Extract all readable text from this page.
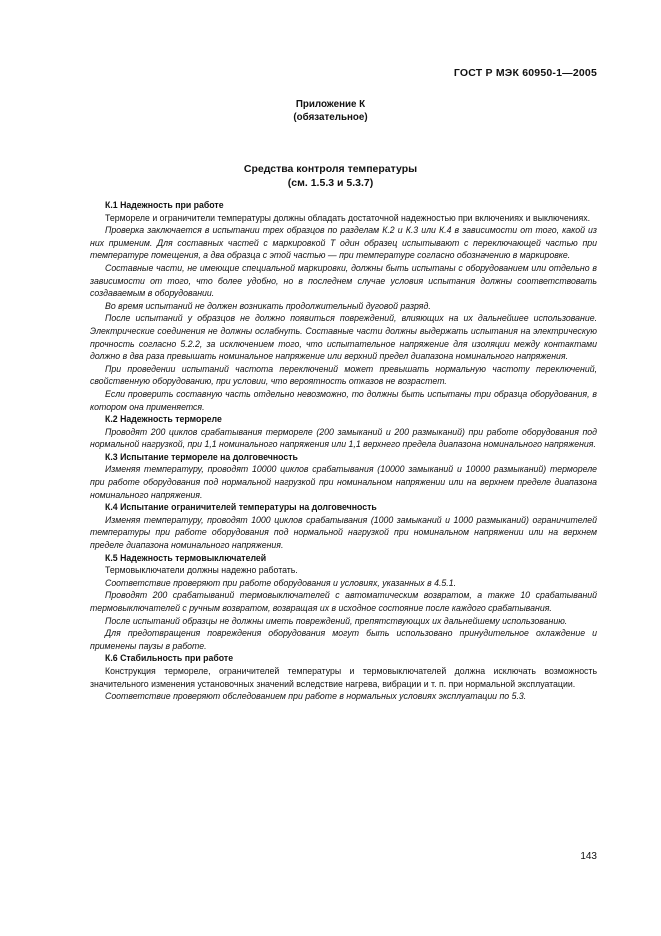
ГОСТ Р МЭК 60950-1—2005
Приложение К
(обязательное)
Средства контроля температуры
(см. 1.5.3 и 5.3.7)

К.1 Надежность при работе

Термореле и ограничители температуры должны обладать достаточной надежностью при включениях и выключениях.

Проверка заключается в испытании трех образцов по разделам К.2 и К.3 или К.4 в зависимости от того, какой из них применим. Для составных частей с маркировкой Т один образец испытывают с переключающей частью при температуре помещения, а два образца с этой частью — при температуре согласно обозначению в маркировке.

Составные части, не имеющие специальной маркировки, должны быть испытаны с оборудованием или отдельно в зависимости от того, что более удобно, но в последнем случае условия испытания должны соответствовать создаваемым в оборудовании.

Во время испытаний не должен возникать продолжительный дуговой разряд.

После испытаний у образцов не должно появиться повреждений, влияющих на их дальнейшее использование. Электрические соединения не должны ослабнуть. Составные части должны выдержать испытания на электрическую прочность согласно 5.2.2, за исключением того, что испытательное напряжение для изоляции между контактами должно в два раза превышать номинальное напряжение или верхний предел диапазона номинального напряжения.

При проведении испытаний частота переключений может превышать нормальную частоту переключений, свойственную оборудованию, при условии, что вероятность отказов не возрастет.

Если проверить составную часть отдельно невозможно, то должны быть испытаны три образца оборудования, в котором она применяется.

К.2 Надежность термореле

Проводят 200 циклов срабатывания термореле (200 замыканий и 200 размыканий) при работе оборудования под нормальной нагрузкой, при 1,1 номинального напряжения или 1,1 верхнего предела диапазона номинального напряжения.

К.3 Испытание термореле на долговечность

Изменяя температуру, проводят 10000 циклов срабатывания (10000 замыканий и 10000 размыканий) термореле при работе оборудования под нормальной нагрузкой при номинальном напряжении или на верхнем пределе диапазона номинального напряжения.

К.4 Испытание ограничителей температуры на долговечность

Изменяя температуру, проводят 1000 циклов срабатывания (1000 замыканий и 1000 размыканий) ограничителей температуры при работе оборудования под нормальной нагрузкой при номинальном напряжении или на верхнем пределе диапазона номинального напряжения.

К.5 Надежность термовыключателей

Термовыключатели должны надежно работать.

Соответствие проверяют при работе оборудования и условиях, указанных в 4.5.1.

Проводят 200 срабатываний термовыключателей с автоматическим возвратом, а также 10 срабатываний термовыключателей с ручным возвратом, возвращая их в исходное состояние после каждого срабатывания.

После испытаний образцы не должны иметь повреждений, препятствующих их дальнейшему использованию.

Для предотвращения повреждения оборудования могут быть использовано принудительное охлаждение и применены паузы в работе.

К.6 Стабильность при работе

Конструкция термореле, ограничителей температуры и термовыключателей должна исключать возможность значительного изменения установочных значений вследствие нагрева, вибрации и т. п. при нормальной эксплуатации.

Соответствие проверяют обследованием при работе в нормальных условиях эксплуатации по 5.3.

143
